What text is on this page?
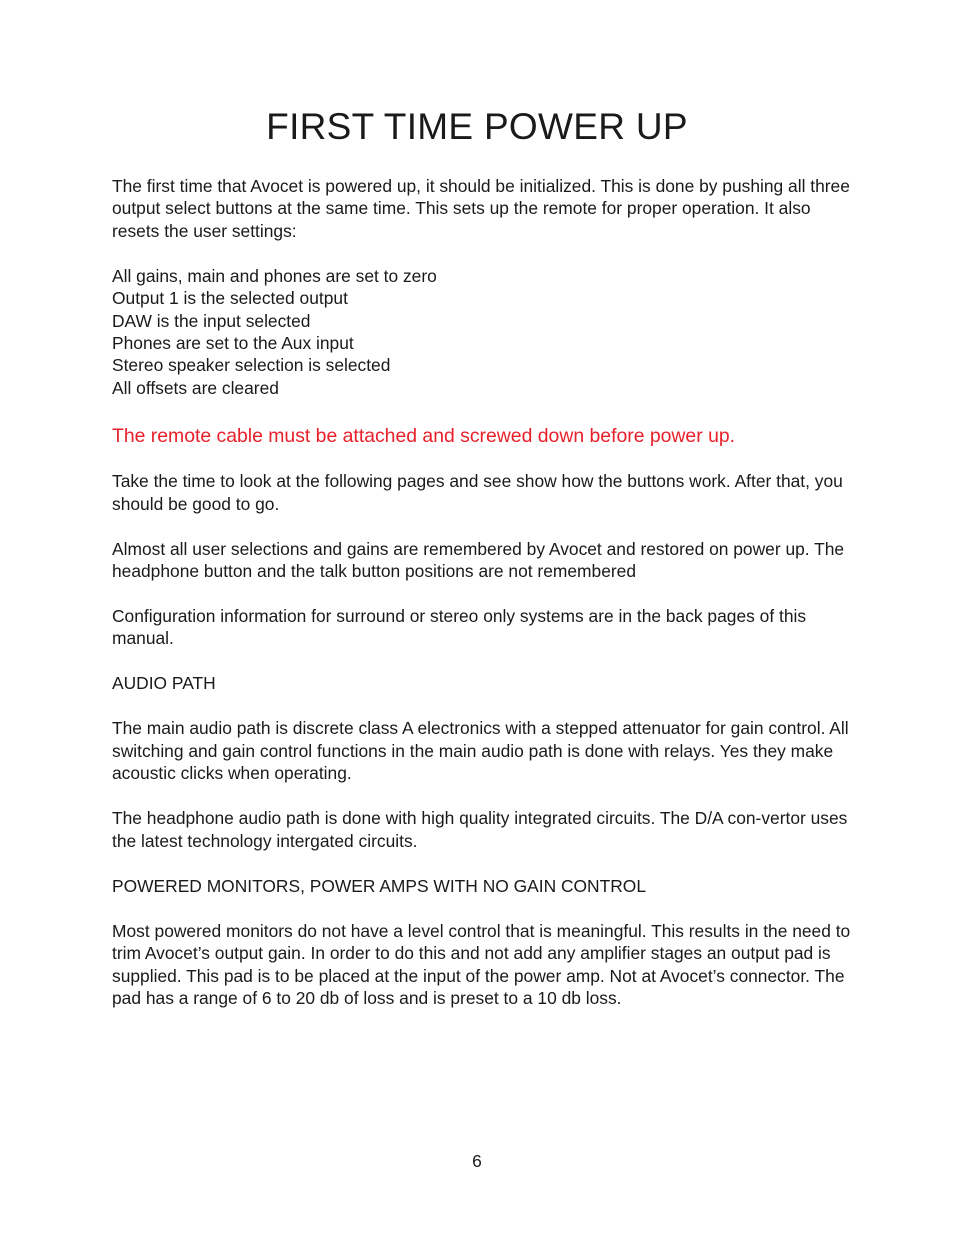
FIRST TIME POWER UP

The first time that Avocet is powered up, it should be initialized. This is done by pushing all three output select buttons at the same time. This sets up the remote for proper operation. It also resets the user settings:

All gains, main and phones are set to zero
Output 1 is the selected output
DAW is the input selected
Phones are set to the Aux input
Stereo speaker selection is selected
All offsets are cleared

The remote cable must be attached and screwed down before power up.

Take the time to look at the following pages and see show how the buttons work. After that, you should be good to go.

Almost all user selections and gains are remembered by Avocet and restored on power up. The headphone button and the talk button positions are not remembered

Configuration information for surround or stereo only systems are in the back pages of this manual.

AUDIO PATH

The main audio path is discrete class A electronics with a stepped attenuator for gain control. All switching and gain control functions in the main audio path is done with relays. Yes they make acoustic clicks when operating.

The headphone audio path is done with high quality integrated circuits. The D/A con-vertor uses the latest technology intergated circuits.

POWERED MONITORS, POWER AMPS WITH NO GAIN CONTROL

Most powered monitors do not have a level control that is meaningful. This results in the need to trim Avocet’s output gain. In order to do this and not add any amplifier stages an output pad is supplied. This pad is to be placed at the input of the power amp. Not at Avocet’s connector. The pad has a range of 6 to 20 db of loss and is preset to a 10 db loss.

6
